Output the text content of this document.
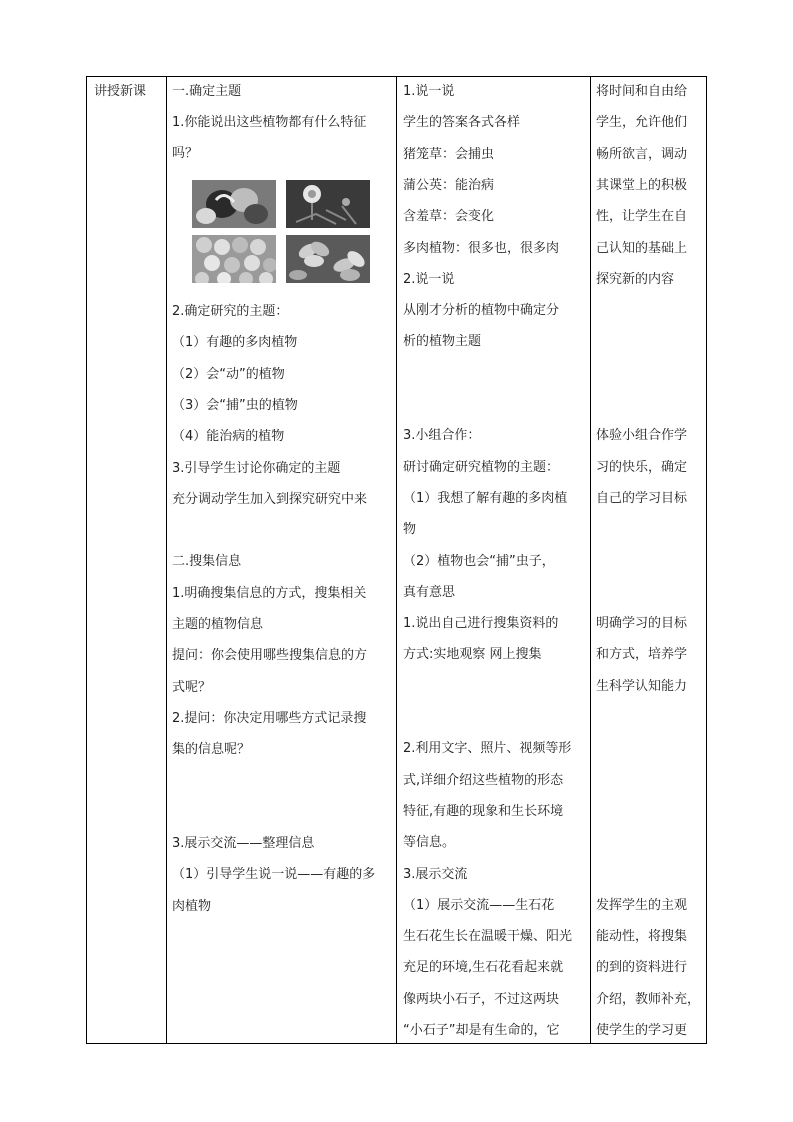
讲授新课 一.确定主题
1.你能说出这些植物都有什么特征
吗？
2.确定研究的主题：
（1）有趣的多肉植物
（2）会“动”的植物
（3）会“捕”虫的植物
（4）能治病的植物
3.引导学生讨论你确定的主题
充分调动学生加入到探究研究中来
二.搜集信息
1.明确搜集信息的方式，搜集相关
主题的植物信息
提问：你会使用哪些搜集信息的方
式呢？
2.提问：你决定用哪些方式记录搜
集的信息呢？
3.展示交流——整理信息
（1）引导学生说一说——有趣的多
肉植物
1.说一说
学生的答案各式各样
猪笼草：会捕虫
蒲公英：能治病
含羞草：会变化
多肉植物：很多也，很多肉
2.说一说
从刚才分析的植物中确定分
析的植物主题
3.小组合作：
研讨确定研究植物的主题：
（1）我想了解有趣的多肉植
物
（2）植物也会“捕”虫子，
真有意思
1.说出自己进行搜集资料的
方式:实地观察 网上搜集
2.利用文字、照片、视频等形
式,详细介绍这些植物的形态
特征,有趣的现象和生长环境
等信息。
3.展示交流
（1）展示交流——生石花
生石花生长在温暖干燥、阳光
充足的环境,生石花看起来就
像两块小石子，不过这两块
“小石子”却是有生命的，它
将时间和自由给
学生，允许他们
畅所欲言，调动
其课堂上的积极
性，让学生在自
己认知的基础上
探究新的内容
体验小组合作学
习的快乐，确定
自己的学习目标
明确学习的目标
和方式，培养学
生科学认知能力
发挥学生的主观
能动性，将搜集
的到的资料进行
介绍，教师补充，
使学生的学习更
